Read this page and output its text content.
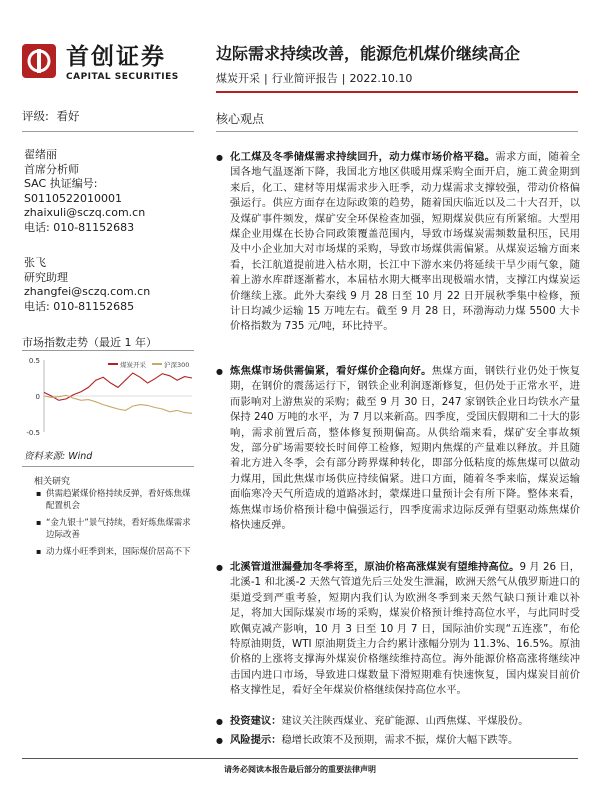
首创证券
CAPITAL SECURITIES
边际需求持续改善，能源危机煤价继续高企
煤炭开采 | 行业简评报告 | 2022.10.10
评级: 看好
翟绪丽
首席分析师
SAC 执证编号:
S0110522010001
zhaixuli@sczq.com.cn
电话: 010-81152683
张飞
研究助理
zhangfei@sczq.com.cn
电话: 010-81152685
市场指数走势（最近 1 年）
0.5
0
-0.5
煤炭开采	沪深300
资料来源: Wind
相关研究
▪ 供需趋紧煤价格持续反弹，看好炼焦煤配置机会
▪ “金九银十”景气持续，看好炼焦煤需求边际改善
▪ 动力煤小旺季到来，国际煤价居高不下
核心观点
● 化工煤及冬季储煤需求持续回升，动力煤市场价格平稳。需求方面，随着全国各地气温逐渐下降，我国北方地区供暖用煤采购全面开启，施工黄金期到来后，化工、建材等用煤需求步入旺季，动力煤需求支撑较强，带动价格偏强运行。供应方面存在边际政策的趋势，随着国庆临近以及二十大召开，以及煤矿事件频发，煤矿安全环保检查加强，短期煤炭供应有所紧缩。大型用煤企业用煤在长协合同政策覆盖范围内，导致市场煤炭需频数量积压，民用及中小企业加大对市场煤的采购，导致市场煤供需偏紧。从煤炭运输方面来看，长江航道提前进入枯水期，长江中下游水来仍将延续干旱少雨气象，随着上游水库群逐渐蓄水，本届枯水期大概率出现极端水情，支撑江内煤炭运价继续上涨。此外大秦线 9 月 28 日至 10 月 22 日开展秋季集中检修，预计日均减少运输 15 万吨左右。截至 9 月 28 日，环渤海动力煤 5500 大卡价格指数为 735 元/吨，环比持平。
● 炼焦煤市场供需偏紧，看好煤价企稳向好。焦煤方面，钢铁行业仍处于恢复期，在钢价的震荡运行下，钢铁企业利润逐渐修复，但仍处于正常水平，进而影响对上游焦炭的采购；截至 9 月 30 日，247 家钢铁企业日均铁水产量保持 240 万吨的水平，为 7 月以来新高。四季度，受国庆假期和二十大的影响，需求前置后高，整体修复预期偏高。从供给端来看，煤矿安全事故频发，部分矿场需要较长时间停工检修，短期内焦煤的产量难以释放。并且随着北方进入冬季，会有部分跨界煤种转化，即部分低粘度的炼焦煤可以做动力煤用，国此焦煤市场供应持续偏紧。进口方面，随着冬季来临，煤炭运输面临寒冷天气所造成的道路冰封，蒙煤进口量预计会有所下降。整体来看，炼焦煤市场价格预计稳中偏强运行，四季度需求边际反弹有望驱动炼焦煤价格快速反弹。
● 北溪管道泄漏叠加冬季将至，原油价格高涨煤炭有望维持高位。9 月 26 日，北溪-1 和北溪-2 天然气管道先后三处发生泄漏，欧洲天然气从俄罗斯进口的渠道受到严重考验，短期内我们认为欧洲冬季到来天然气缺口预计难以补足，将加大国际煤炭市场的采购，煤炭价格预计维持高位水平，与此同时受欧佩克减产影响，10 月 3 日至 10 月 7 日，国际油价实现“五连涨”，布伦特原油期货，WTI 原油期货主力合约累计涨幅分别为 11.3%、16.5%。原油价格的上涨将支撑海外煤炭价格继续维持高位。海外能源价格高涨将继续冲击国内进口市场，导致进口煤数量下滑短期难有快速恢复，国内煤炭目前价格支撑性足，看好全年煤炭价格继续保持高位水平。
● 投资建议：建议关注陕西煤业、兖矿能源、山西焦煤、平煤股份。
● 风险提示：稳增长政策不及预期，需求不振，煤价大幅下跌等。
请务必阅读本报告最后部分的重要法律声明
